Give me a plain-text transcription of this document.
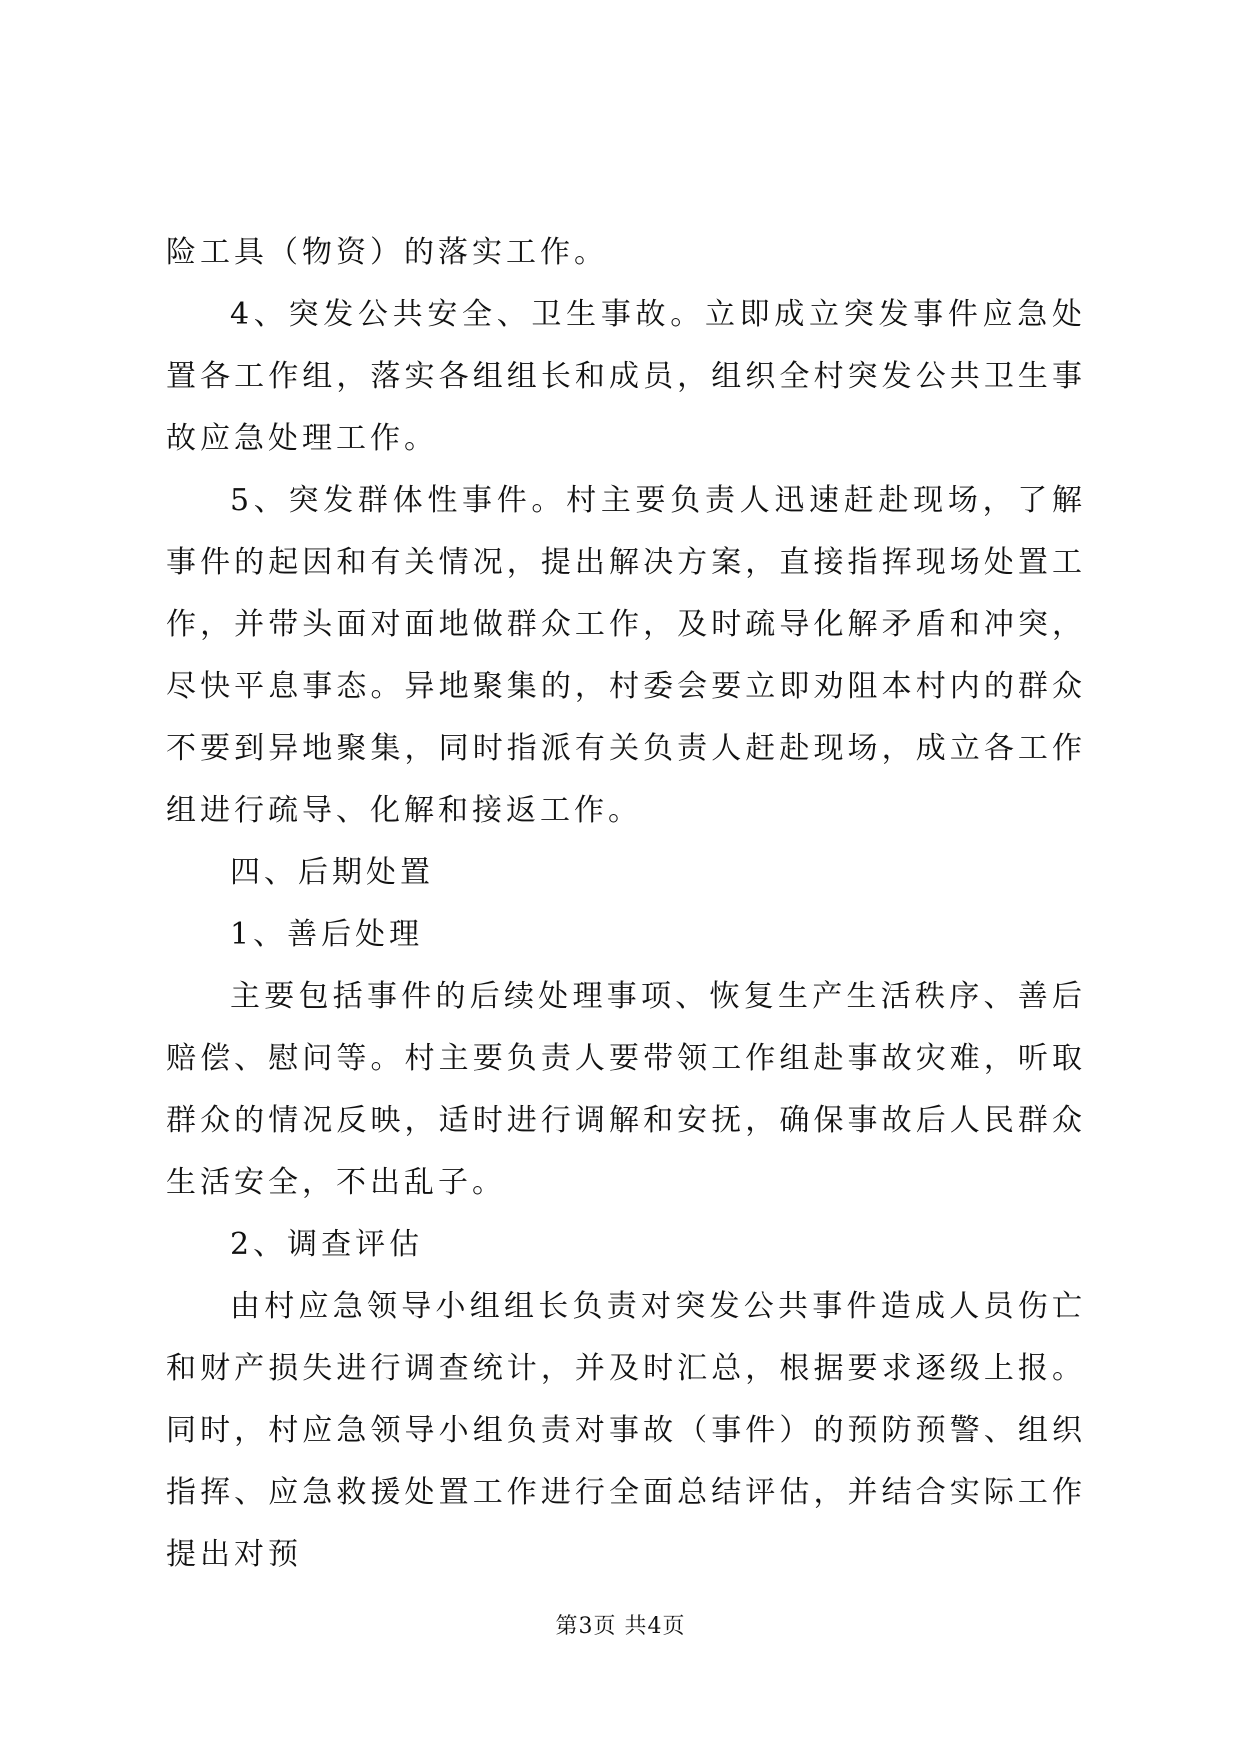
险工具（物资）的落实工作。

4、突发公共安全、卫生事故。立即成立突发事件应急处置各工作组，落实各组组长和成员，组织全村突发公共卫生事故应急处理工作。

5、突发群体性事件。村主要负责人迅速赶赴现场，了解事件的起因和有关情况，提出解决方案，直接指挥现场处置工作，并带头面对面地做群众工作，及时疏导化解矛盾和冲突，尽快平息事态。异地聚集的，村委会要立即劝阻本村内的群众不要到异地聚集，同时指派有关负责人赶赴现场，成立各工作组进行疏导、化解和接返工作。

四、后期处置

1、善后处理

主要包括事件的后续处理事项、恢复生产生活秩序、善后赔偿、慰问等。村主要负责人要带领工作组赴事故灾难，听取群众的情况反映，适时进行调解和安抚，确保事故后人民群众生活安全，不出乱子。

2、调查评估

由村应急领导小组组长负责对突发公共事件造成人员伤亡和财产损失进行调查统计，并及时汇总，根据要求逐级上报。同时，村应急领导小组负责对事故（事件）的预防预警、组织指挥、应急救援处置工作进行全面总结评估，并结合实际工作提出对预

第3页 共4页
